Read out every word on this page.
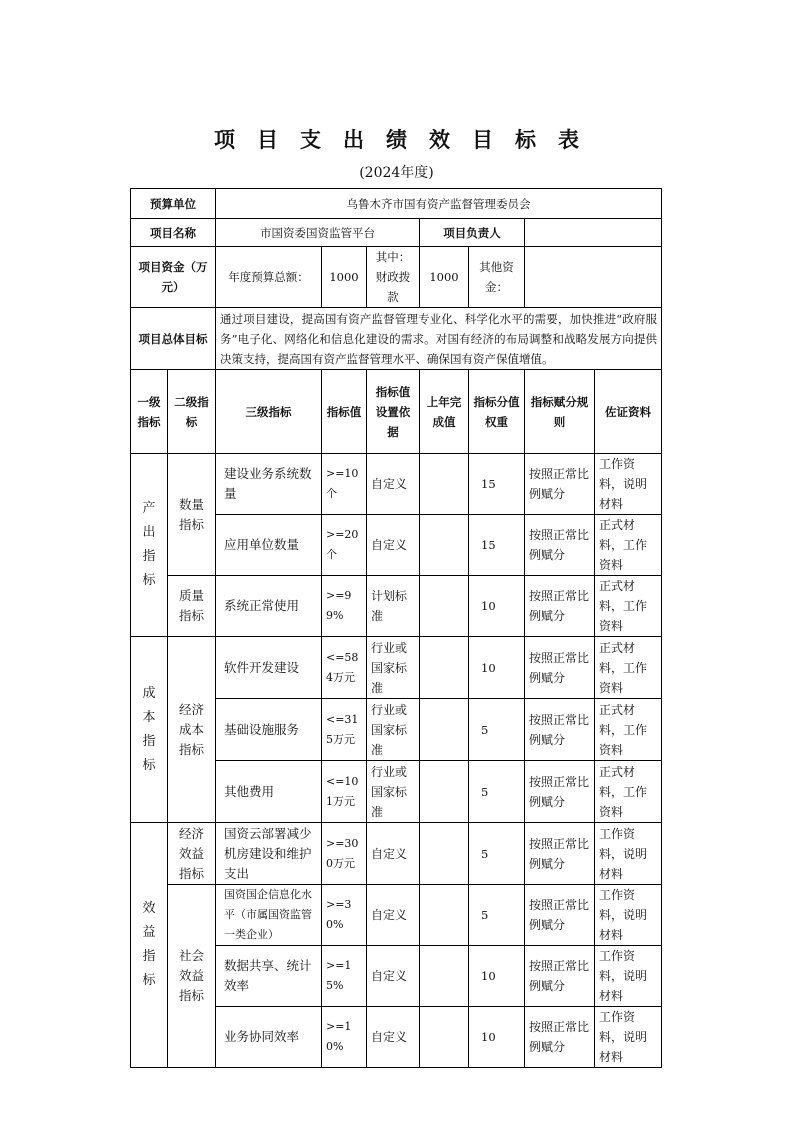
项目支出绩效目标表
(2024年度)
预算单位		乌鲁木齐市国有资产监督管理委员会						
项目名称		市国资委国资监管平台			项目负责人			
项目资金（万元）		年度预算总额：	1000	其中：财政拨款	1000	其他资金：		
项目总体目标		通过项目建设，提高国有资产监督管理专业化、科学化水平的需要，加快推进“政府服务”电子化、网络化和信息化建设的需求。对国有经济的布局调整和战略发展方向提供决策支持，提高国有资产监督管理水平、确保国有资产保值增值。						
一级指标	二级指标	三级指标	指标值	指标值设置依据	上年完成值	指标分值权重	指标赋分规则	佐证资料
产出指标	数量指标	建设业务系统数量	>=10个	自定义		15	按照正常比例赋分	工作资料，说明材料
		应用单位数量	>=20个	自定义		15	按照正常比例赋分	正式材料，工作资料
	质量指标	系统正常使用	>=99%	计划标准		10	按照正常比例赋分	正式材料，工作资料
成本指标	经济成本指标	软件开发建设	<=584万元	行业或国家标准		10	按照正常比例赋分	正式材料，工作资料
		基础设施服务	<=315万元	行业或国家标准		5	按照正常比例赋分	正式材料，工作资料
		其他费用	<=101万元	行业或国家标准		5	按照正常比例赋分	正式材料，工作资料
效益指标	经济效益指标	国资云部署减少机房建设和维护支出	>=300万元	自定义		5	按照正常比例赋分	工作资料，说明材料
	社会效益指标	国资国企信息化水平（市属国资监管一类企业）	>=30%	自定义		5	按照正常比例赋分	工作资料，说明材料
		数据共享、统计效率	>=15%	自定义		10	按照正常比例赋分	工作资料，说明材料
		业务协同效率	>=10%	自定义		10	按照正常比例赋分	工作资料，说明材料
